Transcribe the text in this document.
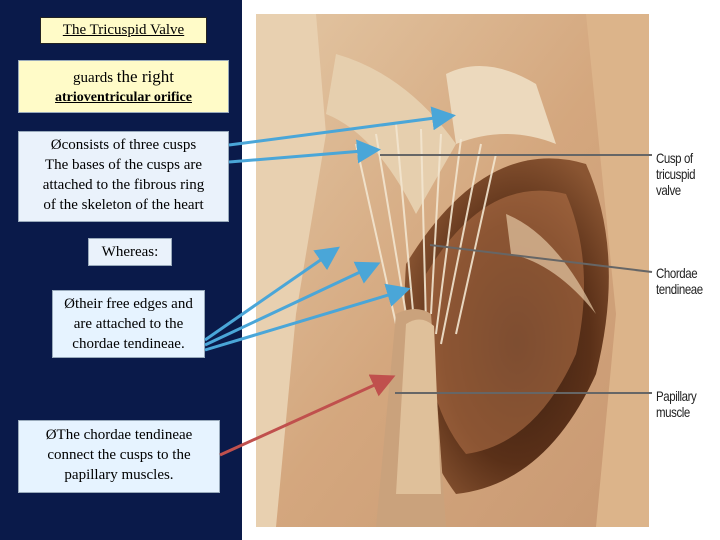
The Tricuspid Valve
guards the right
atrioventricular orifice
Øconsists of three cusps
The bases of the cusps are
attached to the fibrous ring
of the skeleton of the heart
Whereas:
Øtheir free edges and
are attached to the
chordae tendineae.
ØThe chordae tendineae
connect the cusps to the
papillary muscles.
Cusp of
tricuspid
valve
Chordae
tendineae
Papillary
muscle
